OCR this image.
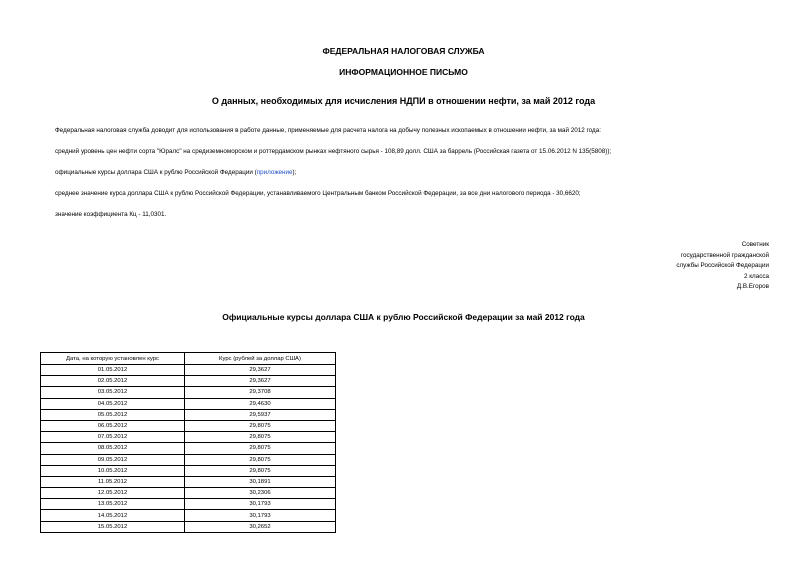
ФЕДЕРАЛЬНАЯ НАЛОГОВАЯ СЛУЖБА
ИНФОРМАЦИОННОЕ ПИСЬМО
О данных, необходимых для исчисления НДПИ в отношении нефти, за май 2012 года
Федеральная налоговая служба доводит для использования в работе данные, применяемые для расчета налога на добычу полезных ископаемых в отношении нефти, за май 2012 года:
средний уровень цен нефти сорта "Юралс" на средиземноморском и роттердамском рынках нефтяного сырья - 108,89 долл. США за баррель (Российская газета от 15.06.2012 N 135(5808));
официальные курсы доллара США к рублю Российской Федерации (приложение);
среднее значение курса доллара США к рублю Российской Федерации, устанавливаемого Центральным банком Российской Федерации, за все дни налогового периода - 30,6620;
значение коэффициента Кц - 11,0301.
Советник
государственной гражданской
службы Российской Федерации
2 класса
Д.В.Егоров
Официальные курсы доллара США к рублю Российской Федерации за май 2012 года
Дата, на которую установлен курс	Курс (рублей за доллар США)
01.05.2012	29,3627
02.05.2012	29,3627
03.05.2012	29,3708
04.05.2012	29,4630
05.05.2012	29,5937
06.05.2012	29,8075
07.05.2012	29,8075
08.05.2012	29,8075
09.05.2012	29,8075
10.05.2012	29,8075
11.05.2012	30,1891
12.05.2012	30,2306
13.05.2012	30,1793
14.05.2012	30,1793
15.05.2012	30,2652
